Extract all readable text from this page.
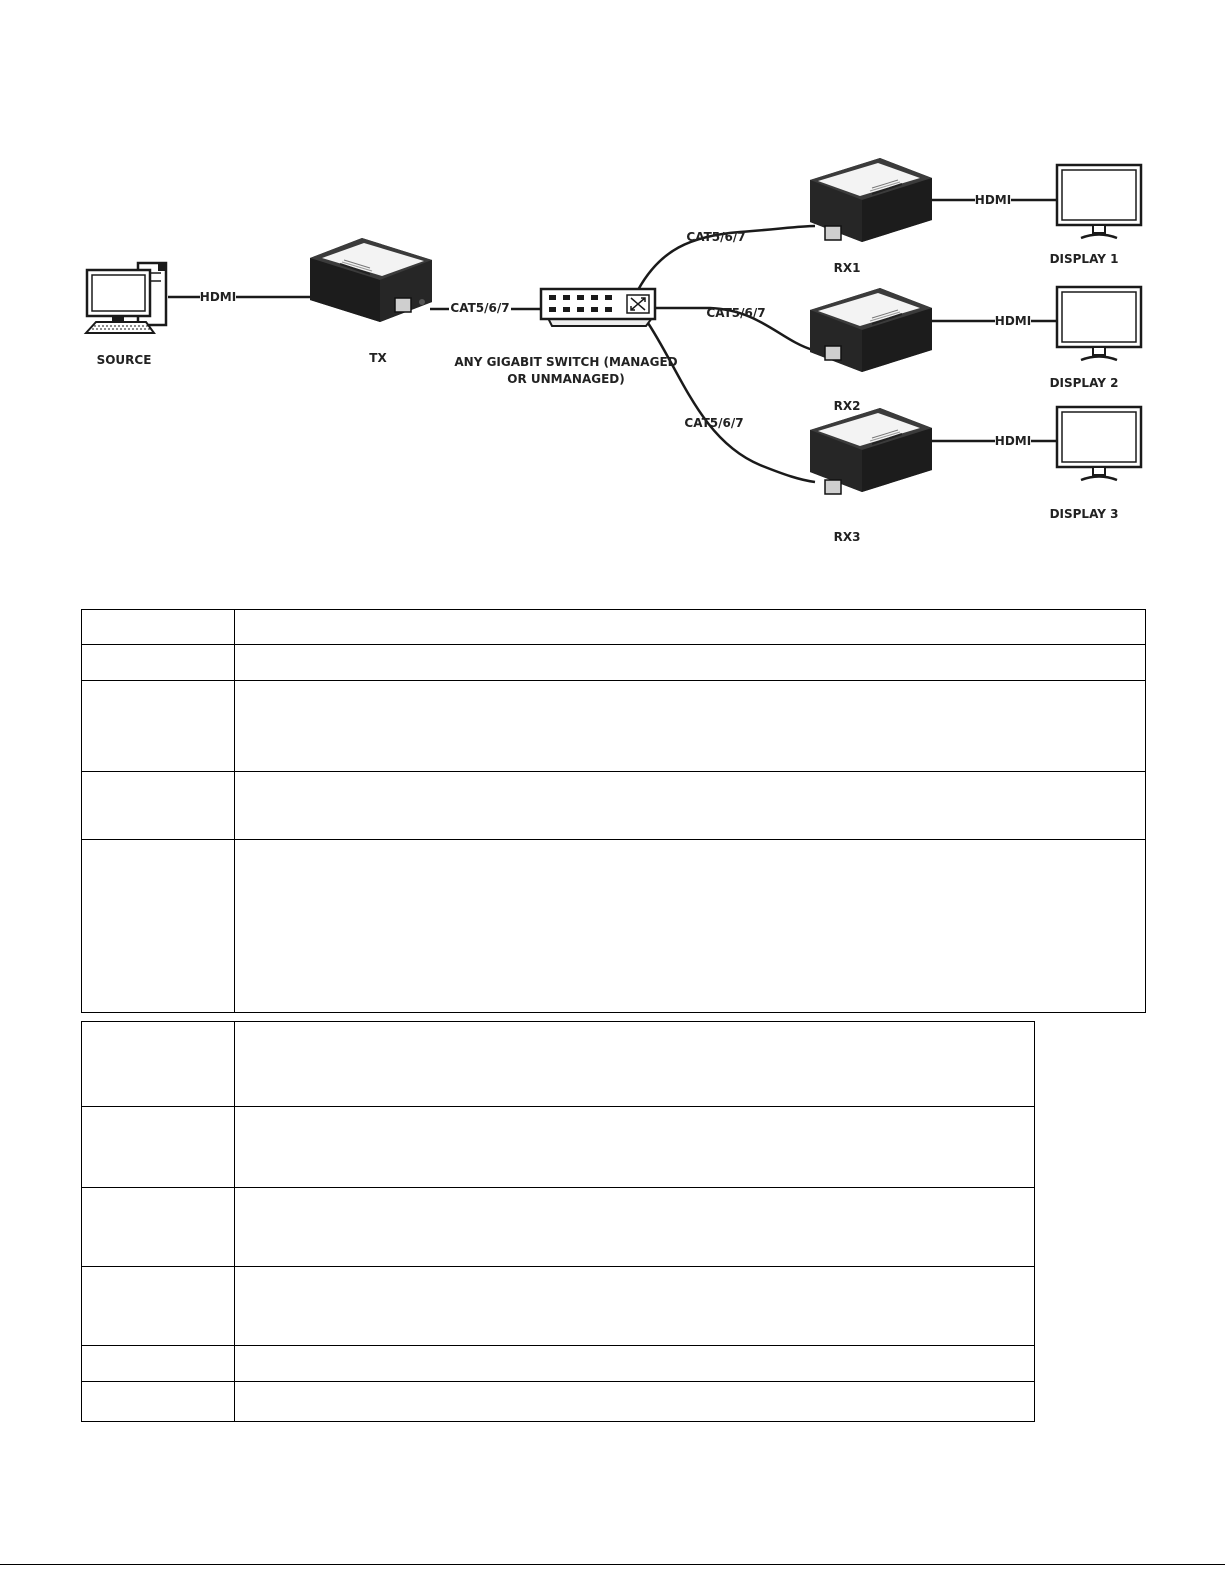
SOURCE	TX	ANY GIGABIT SWITCH (MANAGED
OR UNMANAGED)
HDMI
CAT5/6/7
CAT5/6/7
CAT5/6/7
CAT5/6/7
HDMI
HDMI
HDMI
RX1
RX2
RX3
DISPLAY 1
DISPLAY 2
DISPLAY 3
